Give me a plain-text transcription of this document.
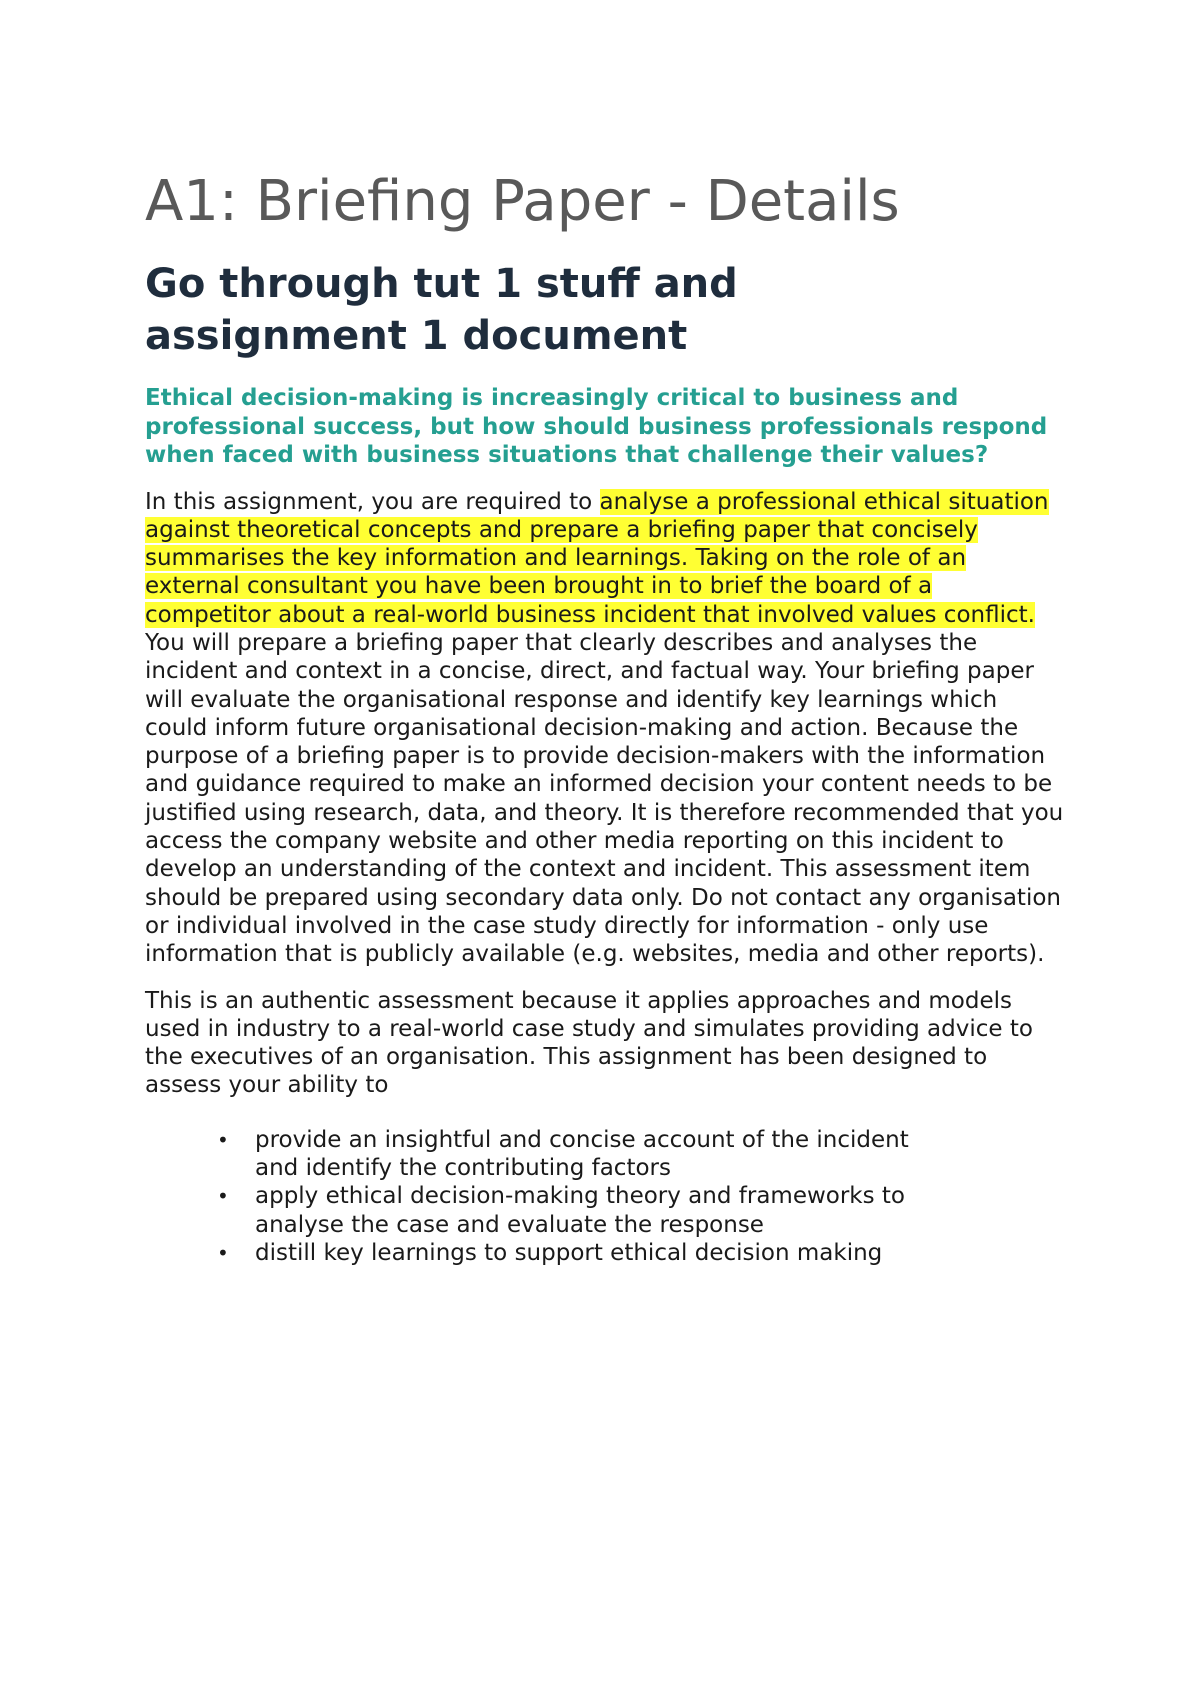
A1: Briefing Paper - Details
Go through tut 1 stuff and assignment 1 document

Ethical decision-making is increasingly critical to business and professional success, but how should business professionals respond when faced with business situations that challenge their values?

In this assignment, you are required to analyse a professional ethical situation against theoretical concepts and prepare a briefing paper that concisely summarises the key information and learnings. Taking on the role of an external consultant you have been brought in to brief the board of a competitor about a real-world business incident that involved values conflict. You will prepare a briefing paper that clearly describes and analyses the incident and context in a concise, direct, and factual way. Your briefing paper will evaluate the organisational response and identify key learnings which could inform future organisational decision-making and action. Because the purpose of a briefing paper is to provide decision-makers with the information and guidance required to make an informed decision your content needs to be justified using research, data, and theory. It is therefore recommended that you access the company website and other media reporting on this incident to develop an understanding of the context and incident. This assessment item should be prepared using secondary data only. Do not contact any organisation or individual involved in the case study directly for information - only use information that is publicly available (e.g. websites, media and other reports).

This is an authentic assessment because it applies approaches and models used in industry to a real-world case study and simulates providing advice to the executives of an organisation. This assignment has been designed to assess your ability to

• provide an insightful and concise account of the incident and identify the contributing factors
• apply ethical decision-making theory and frameworks to analyse the case and evaluate the response
• distill key learnings to support ethical decision making
